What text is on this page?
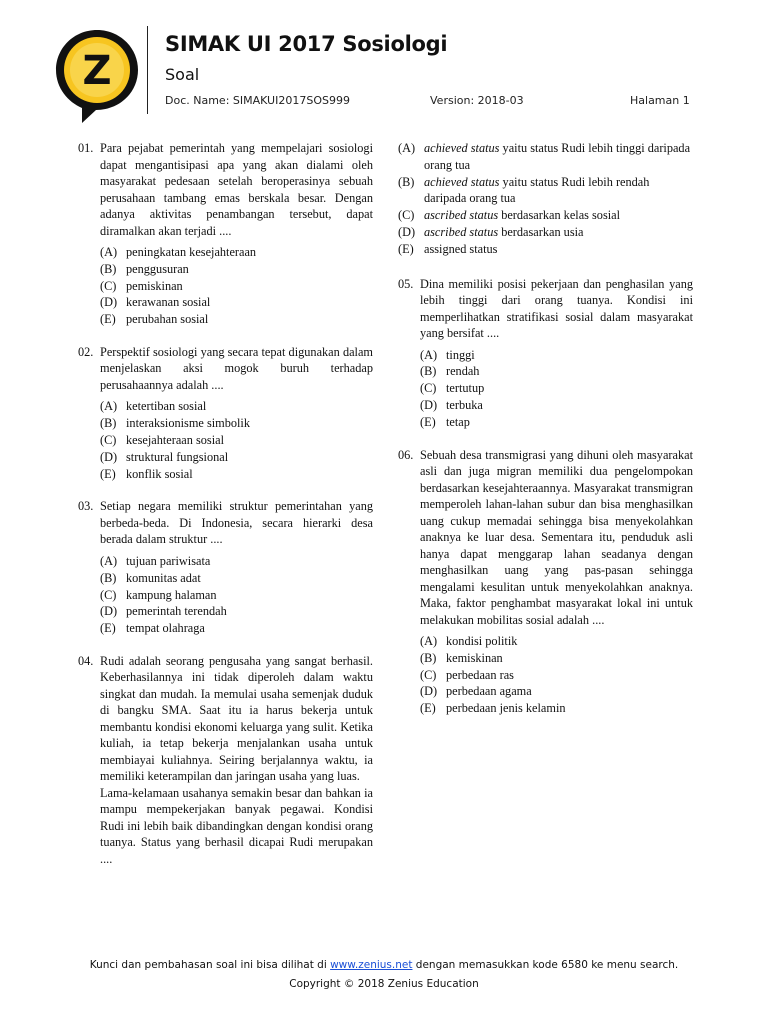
Z
SIMAK UI 2017 Sosiologi
Soal
Doc. Name: SIMAKUI2017SOS999	Version: 2018-03	Halaman 1
01. Para pejabat pemerintah yang mempelajari sosiologi dapat mengantisipasi apa yang akan dialami oleh masyarakat pedesaan setelah beroperasinya sebuah perusahaan tambang emas berskala besar. Dengan adanya aktivitas penambangan tersebut, dapat diramalkan akan terjadi ....
(A) peningkatan kesejahteraan
(B) penggusuran
(C) pemiskinan
(D) kerawanan sosial
(E) perubahan sosial
02. Perspektif sosiologi yang secara tepat digunakan dalam menjelaskan aksi mogok buruh terhadap perusahaannya adalah ....
(A) ketertiban sosial
(B) interaksionisme simbolik
(C) kesejahteraan sosial
(D) struktural fungsional
(E) konflik sosial
03. Setiap negara memiliki struktur pemerintahan yang berbeda-beda. Di Indonesia, secara hierarki desa berada dalam struktur ....
(A) tujuan pariwisata
(B) komunitas adat
(C) kampung halaman
(D) pemerintah terendah
(E) tempat olahraga
04. Rudi adalah seorang pengusaha yang sangat berhasil. Keberhasilannya ini tidak diperoleh dalam waktu singkat dan mudah. Ia memulai usaha semenjak duduk di bangku SMA. Saat itu ia harus bekerja untuk membantu kondisi ekonomi keluarga yang sulit. Ketika kuliah, ia tetap bekerja menjalankan usaha untuk membiayai kuliahnya. Seiring berjalannya waktu, ia memiliki keterampilan dan jaringan usaha yang luas.

Lama-kelamaan usahanya semakin besar dan bahkan ia mampu mempekerjakan banyak pegawai. Kondisi Rudi ini lebih baik dibandingkan dengan kondisi orang tuanya. Status yang berhasil dicapai Rudi merupakan ....

(A) achieved status yaitu status Rudi lebih tinggi daripada orang tua
(B) achieved status yaitu status Rudi lebih rendah daripada orang tua
(C) ascribed status berdasarkan kelas sosial
(D) ascribed status berdasarkan usia
(E) assigned status
05. Dina memiliki posisi pekerjaan dan penghasilan yang lebih tinggi dari orang tuanya. Kondisi ini memperlihatkan stratifikasi sosial dalam masyarakat yang bersifat ....
(A) tinggi
(B) rendah
(C) tertutup
(D) terbuka
(E) tetap
06. Sebuah desa transmigrasi yang dihuni oleh masyarakat asli dan juga migran memiliki dua pengelompokan berdasarkan kesejahteraannya. Masyarakat transmigran memperoleh lahan-lahan subur dan bisa menghasilkan uang cukup memadai sehingga bisa menyekolahkan anaknya ke luar desa. Sementara itu, penduduk asli hanya dapat menggarap lahan seadanya dengan menghasilkan uang yang pas-pasan sehingga mengalami kesulitan untuk menyekolahkan anaknya. Maka, faktor penghambat masyarakat lokal ini untuk melakukan mobilitas sosial adalah ....
(A) kondisi politik
(B) kemiskinan
(C) perbedaan ras
(D) perbedaan agama
(E) perbedaan jenis kelamin
Kunci dan pembahasan soal ini bisa dilihat di www.zenius.net dengan memasukkan kode 6580 ke menu search.
Copyright © 2018 Zenius Education
